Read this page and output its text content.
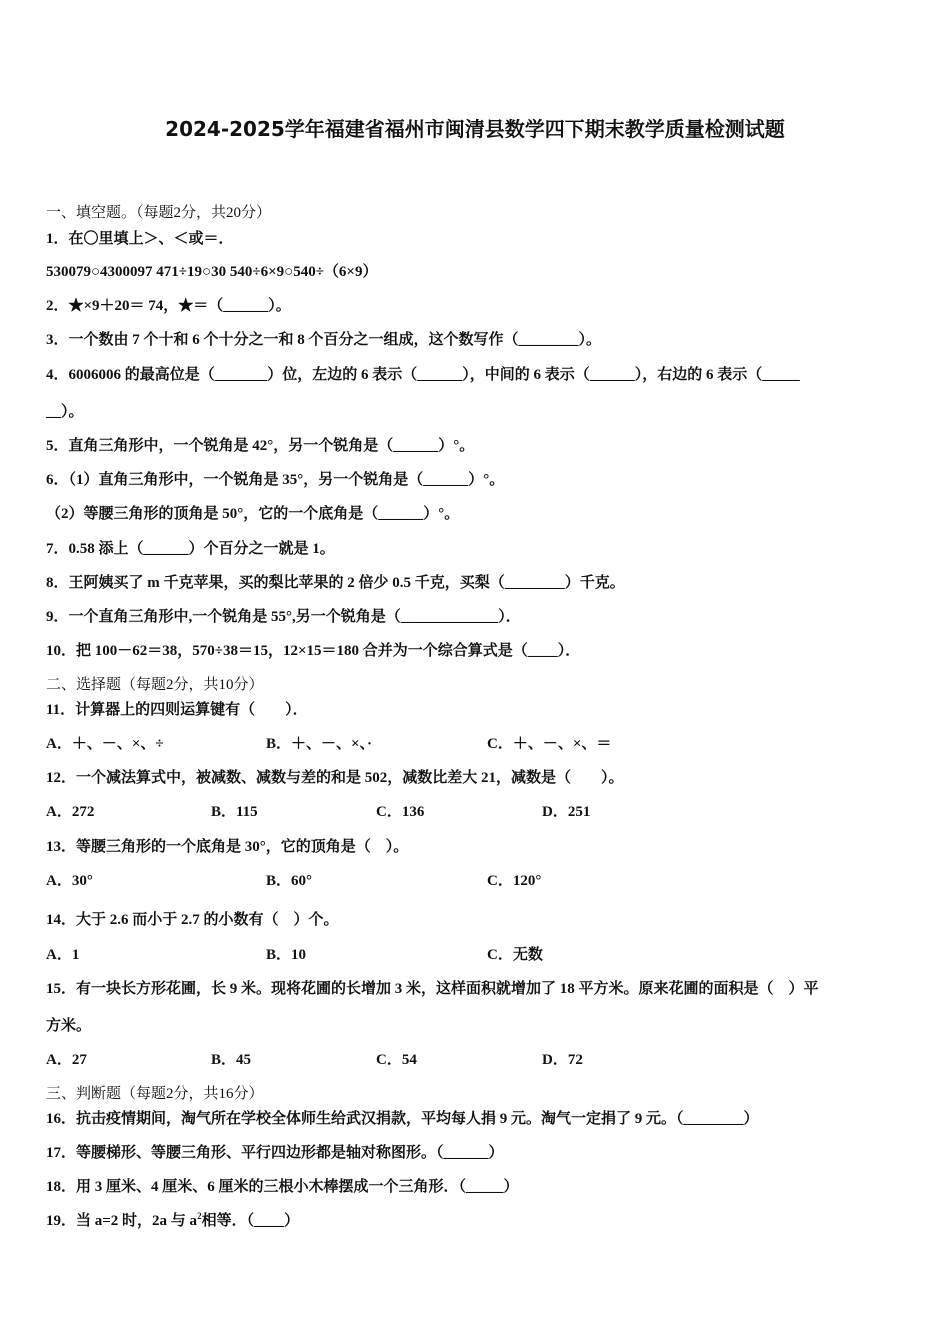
2024-2025学年福建省福州市闽清县数学四下期末教学质量检测试题
一、填空题。（每题2分，共20分）
1．在〇里填上＞、＜或＝．
530079○4300097 471÷19○30 540÷6×9○540÷（6×9）
2．★×9＋20＝ 74，★＝（______）。
3．一个数由 7 个十和 6 个十分之一和 8 个百分之一组成，这个数写作（________）。
4．6006006 的最高位是（_______）位，左边的 6 表示（______），中间的 6 表示（______），右边的 6 表示（_____
__）。
5．直角三角形中，一个锐角是 42°，另一个锐角是（______）°。
6．（1）直角三角形中，一个锐角是 35°，另一个锐角是（______）°。
（2）等腰三角形的顶角是 50°，它的一个底角是（______）°。
7．0.58 添上（______）个百分之一就是 1。
8．王阿姨买了 m 千克苹果，买的梨比苹果的 2 倍少 0.5 千克，买梨（________）千克。
9．一个直角三角形中,一个锐角是 55°,另一个锐角是（_____________）．
10．把 100－62＝38，570÷38＝15，12×15＝180 合并为一个综合算式是（____）．
二、选择题（每题2分，共10分）
11．计算器上的四则运算键有（　　）．
A．＋、－、×、÷	B．＋、－、×、·	C．＋、－、×、＝
12．一个减法算式中，被减数、减数与差的和是 502，减数比差大 21，减数是（　　）。
A．272	B．115	C．136	D．251
13．等腰三角形的一个底角是 30°，它的顶角是（　）。
A．30°	B．60°	C．120°
14．大于 2.6 而小于 2.7 的小数有（　）个。
A．1	B．10	C．无数
15．有一块长方形花圃，长 9 米。现将花圃的长增加 3 米，这样面积就增加了 18 平方米。原来花圃的面积是（　）平
方米。
A．27	B．45	C．54	D．72
三、判断题（每题2分，共16分）
16．抗击疫情期间，淘气所在学校全体师生给武汉捐款，平均每人捐 9 元。淘气一定捐了 9 元。（________）
17．等腰梯形、等腰三角形、平行四边形都是轴对称图形。（______）
18．用 3 厘米、4 厘米、6 厘米的三根小木棒摆成一个三角形．（_____）
19．当 a=2 时，2a 与 $a^2$相等．（____）
